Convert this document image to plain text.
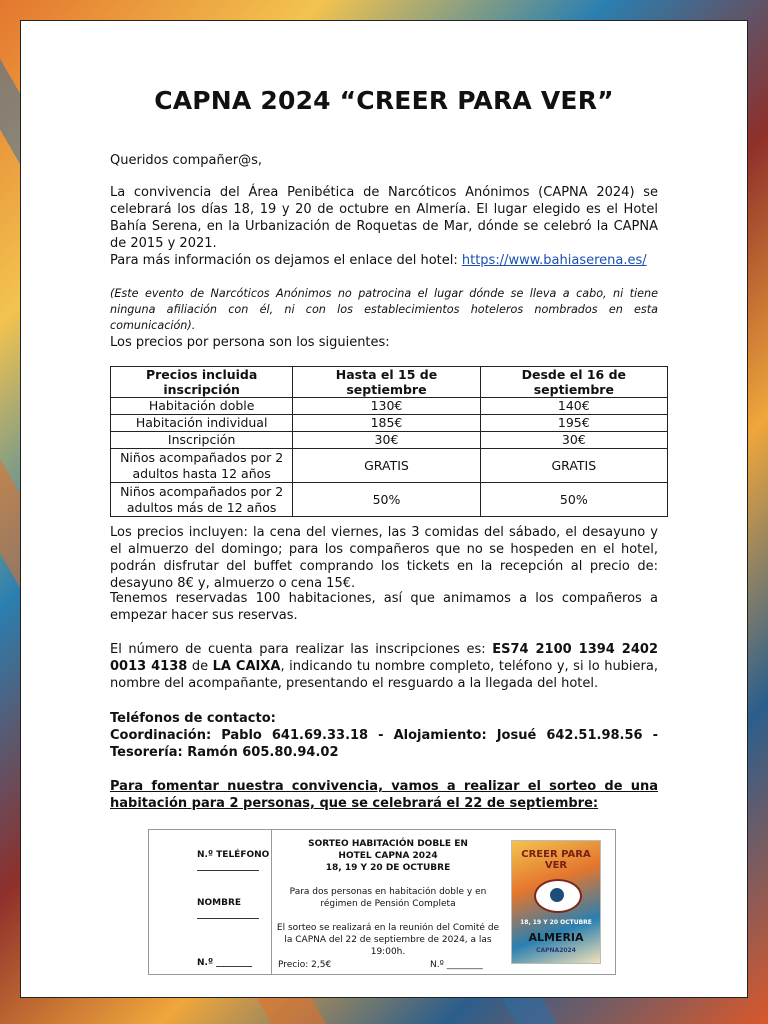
CAPNA 2024 “CREER PARA VER”
Queridos compañer@s,
La convivencia del Área Penibética de Narcóticos Anónimos (CAPNA 2024) se celebrará los días 18, 19 y 20 de octubre en Almería. El lugar elegido es el Hotel Bahía Serena, en la Urbanización de Roquetas de Mar, dónde se celebró la CAPNA de 2015 y 2021.
Para más información os dejamos el enlace del hotel: https://www.bahiaserena.es/
(Este evento de Narcóticos Anónimos no patrocina el lugar dónde se lleva a cabo, ni tiene ninguna afiliación con él, ni con los establecimientos hoteleros nombrados en esta comunicación).
Los precios por persona son los siguientes:
Precios incluida inscripción	Hasta el 15 de septiembre	Desde el 16 de septiembre
Habitación doble	130€	140€
Habitación individual	185€	195€
Inscripción	30€	30€
Niños acompañados por 2 adultos hasta 12 años	GRATIS	GRATIS
Niños acompañados por 2 adultos más de 12 años	50%	50%
Los precios incluyen: la cena del viernes, las 3 comidas del sábado, el desayuno y el almuerzo del domingo; para los compañeros que no se hospeden en el hotel, podrán disfrutar del buffet comprando los tickets en la recepción al precio de: desayuno 8€ y, almuerzo o cena 15€.
Tenemos reservadas 100 habitaciones, así que animamos a los compañeros a empezar hacer sus reservas.
El número de cuenta para realizar las inscripciones es: ES74 2100 1394 2402 0013 4138 de LA CAIXA, indicando tu nombre completo, teléfono y, si lo hubiera, nombre del acompañante, presentando el resguardo a la llegada del hotel.
Teléfonos de contacto:
Coordinación: Pablo 641.69.33.18 - Alojamiento: Josué 642.51.98.56 - Tesorería: Ramón 605.80.94.02
Para fomentar nuestra convivencia, vamos a realizar el sorteo de una habitación para 2 personas, que se celebrará el 22 de septiembre:
N.º TELÉFONO
NOMBRE
N.º ________
SORTEO HABITACIÓN DOBLE EN
HOTEL CAPNA 2024
18, 19 Y 20 DE OCTUBRE
Para dos personas en habitación doble y en régimen de Pensión Completa
El sorteo se realizará en la reunión del Comité de la CAPNA del 22 de septiembre de 2024, a las 19:00h.
Precio: 2,5€	N.º ________
CREER PARA VER
18, 19 Y 20 OCTUBRE
ALMERIA
CAPNA2024
